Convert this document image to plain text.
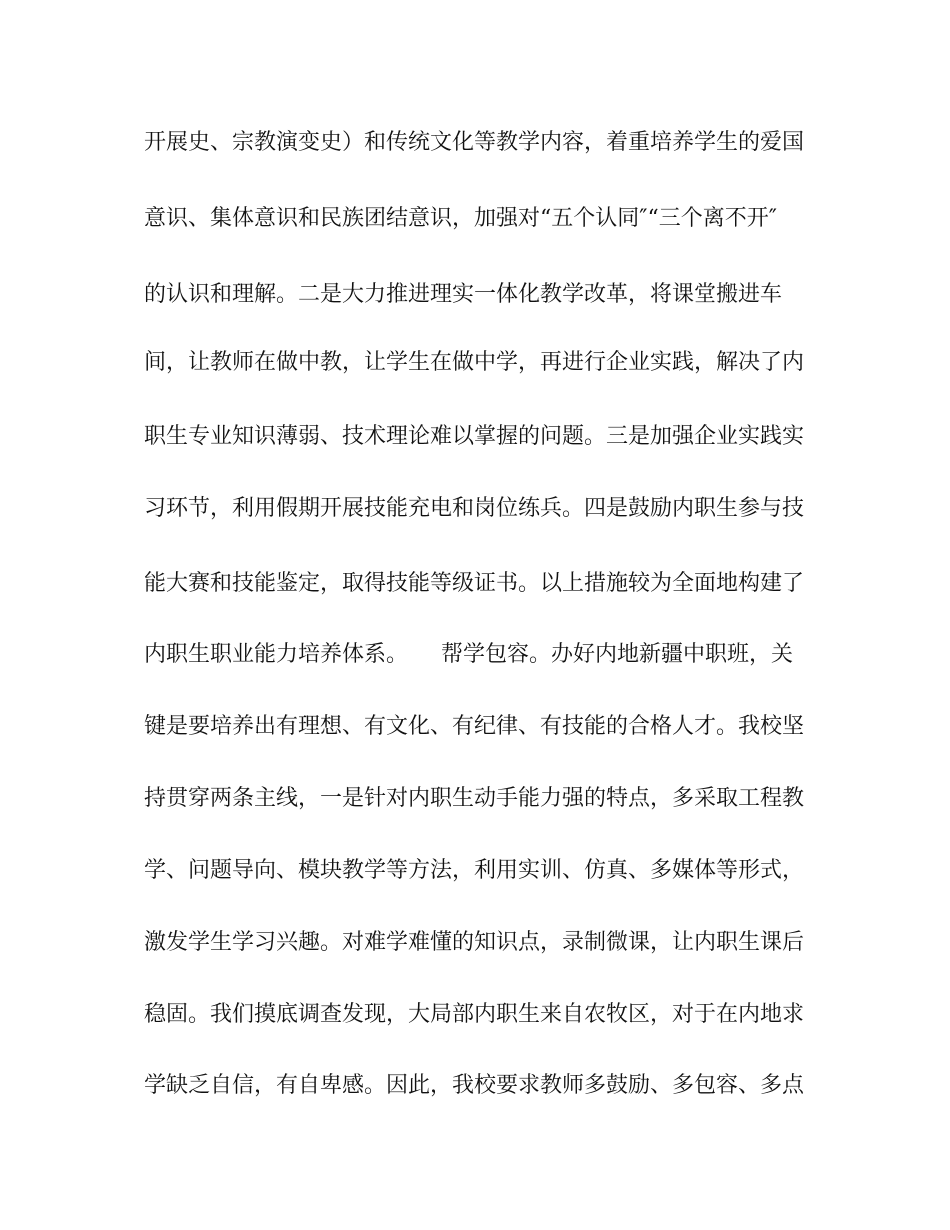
开展史、宗教演变史）和传统文化等教学内容，着重培养学生的爱国

意识、集体意识和民族团结意识，加强对“五个认同″“三个离不开″

的认识和理解。二是大力推进理实一体化教学改革，将课堂搬进车

间，让教师在做中教，让学生在做中学，再进行企业实践，解决了内

职生专业知识薄弱、技术理论难以掌握的问题。三是加强企业实践实

习环节，利用假期开展技能充电和岗位练兵。四是鼓励内职生参与技

能大赛和技能鉴定，取得技能等级证书。以上措施较为全面地构建了

内职生职业能力培养体系。　　帮学包容。办好内地新疆中职班，关

键是要培养出有理想、有文化、有纪律、有技能的合格人才。我校坚

持贯穿两条主线，一是针对内职生动手能力强的特点，多采取工程教

学、问题导向、模块教学等方法，利用实训、仿真、多媒体等形式，

激发学生学习兴趣。对难学难懂的知识点，录制微课，让内职生课后

稳固。我们摸底调查发现，大局部内职生来自农牧区，对于在内地求

学缺乏自信，有自卑感。因此，我校要求教师多鼓励、多包容、多点
